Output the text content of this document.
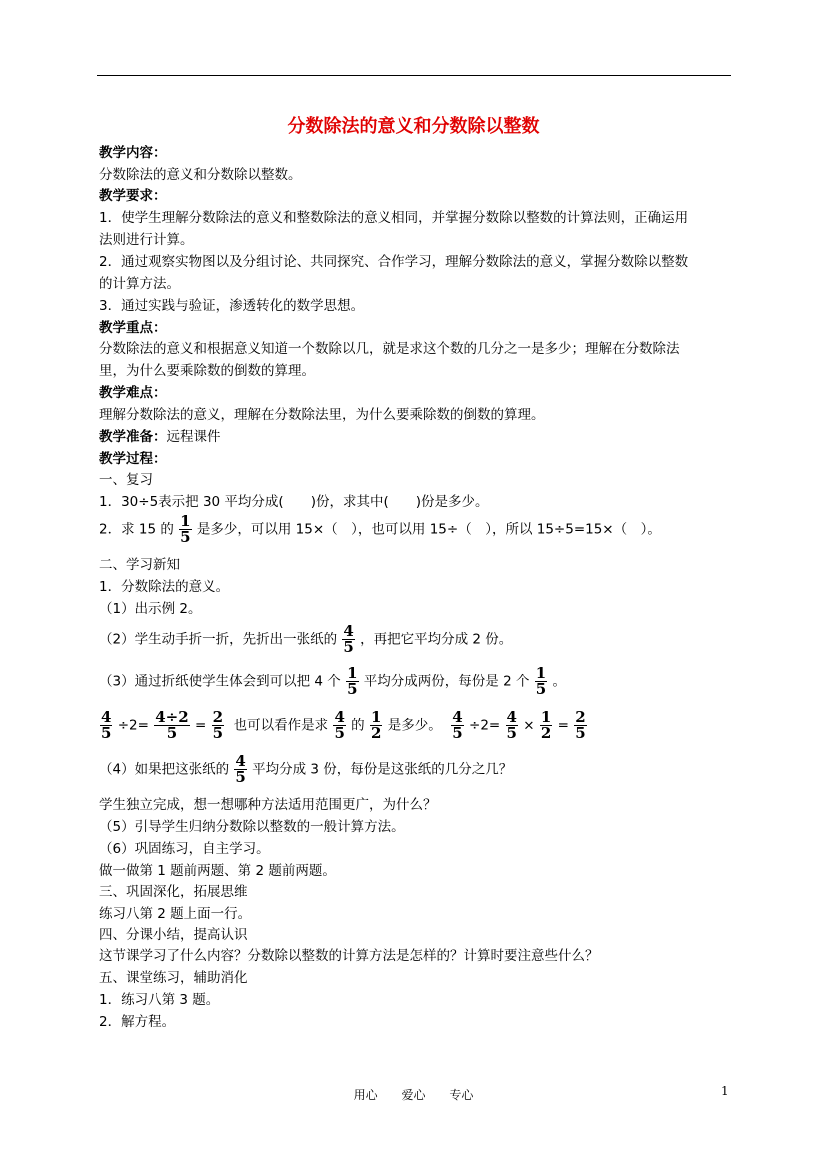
分数除法的意义和分数除以整数
教学内容：
分数除法的意义和分数除以整数。
教学要求：
1．使学生理解分数除法的意义和整数除法的意义相同，并掌握分数除以整数的计算法则，正确运用
法则进行计算。
2．通过观察实物图以及分组讨论、共同探究、合作学习，理解分数除法的意义，掌握分数除以整数
的计算方法。
3．通过实践与验证，渗透转化的数学思想。
教学重点：
分数除法的意义和根据意义知道一个数除以几，就是求这个数的几分之一是多少；理解在分数除法
里，为什么要乘除数的倒数的算理。
教学难点：
理解分数除法的意义，理解在分数除法里，为什么要乘除数的倒数的算理。
教学准备：远程课件
教学过程：
一、复习
1．30÷5表示把 30 平均分成(　　)份，求其中(　　)份是多少。
2．求 15 的 $\frac{1}{5}$ 是多少，可以用 15×（　），也可以用 15÷（　），所以 15÷5=15×（　）。
二、学习新知
1．分数除法的意义。
（1）出示例 2。
（2）学生动手折一折，先折出一张纸的 $\frac{4}{5}$ ，再把它平均分成 2 份。
（3）通过折纸使学生体会到可以把 4 个 $\frac{1}{5}$ 平均分成两份，每份是 2 个 $\frac{1}{5}$ 。
$\frac{4}{5} \div 2= \frac{4\div 2}{5} = \frac{2}{5}$ 也可以看作是求 $\frac{4}{5}$ 的 $\frac{1}{2}$ 是多少。 $\frac{4}{5} \div 2= \frac{4}{5} \times \frac{1}{2} = \frac{2}{5}$
（4）如果把这张纸的 $\frac{4}{5}$ 平均分成 3 份，每份是这张纸的几分之几？
学生独立完成，想一想哪种方法适用范围更广，为什么？
（5）引导学生归纳分数除以整数的一般计算方法。
（6）巩固练习，自主学习。
做一做第 1 题前两题、第 2 题前两题。
三、巩固深化，拓展思维
练习八第 2 题上面一行。
四、分课小结，提高认识
这节课学习了什么内容？分数除以整数的计算方法是怎样的？计算时要注意些什么？
五、课堂练习，辅助消化
1．练习八第 3 题。
2．解方程。
用心 爱心 专心	1
